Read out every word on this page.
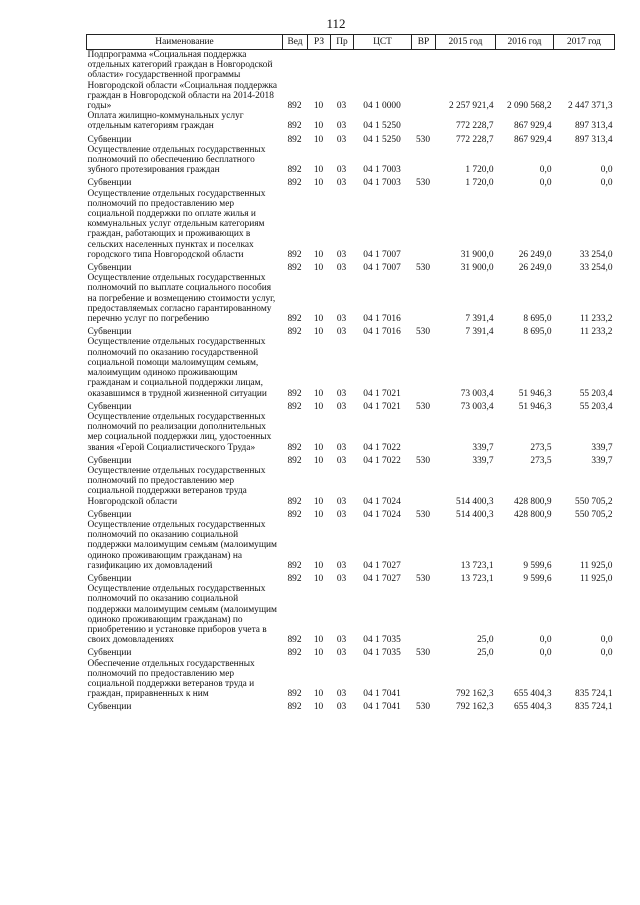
112
Наименование	Вед	РЗ	Пр	ЦСТ	ВР	2015 год	2016 год	2017 год
Подпрограмма «Социальная поддержка отдельных категорий граждан в Новгородской области» государственной программы Новгородской области «Социальная поддержка граждан в Новгородской области на 2014-2018 годы»	892	10	03	04 1 0000		2 257 921,4	2 090 568,2	2 447 371,3
Оплата жилищно-коммунальных услуг отдельным категориям граждан	892	10	03	04 1 5250		772 228,7	867 929,4	897 313,4
Субвенции	892	10	03	04 1 5250	530	772 228,7	867 929,4	897 313,4
Осуществление отдельных государственных полномочий по обеспечению бесплатного зубного протезирования граждан	892	10	03	04 1 7003		1 720,0	0,0	0,0
Субвенции	892	10	03	04 1 7003	530	1 720,0	0,0	0,0
Осуществление отдельных государственных полномочий по предоставлению мер социальной поддержки по оплате жилья и коммунальных услуг отдельным категориям граждан, работающих и проживающих в сельских населенных пунктах и поселках городского типа Новгородской области	892	10	03	04 1 7007		31 900,0	26 249,0	33 254,0
Субвенции	892	10	03	04 1 7007	530	31 900,0	26 249,0	33 254,0
Осуществление отдельных государственных полномочий по выплате социального пособия на погребение и возмещению стоимости услуг, предоставляемых согласно гарантированному перечню услуг по погребению	892	10	03	04 1 7016		7 391,4	8 695,0	11 233,2
Субвенции	892	10	03	04 1 7016	530	7 391,4	8 695,0	11 233,2
Осуществление отдельных государственных полномочий по оказанию государственной социальной помощи малоимущим семьям, малоимущим одиноко проживающим гражданам и социальной поддержки лицам, оказавшимся в трудной жизненной ситуации	892	10	03	04 1 7021		73 003,4	51 946,3	55 203,4
Субвенции	892	10	03	04 1 7021	530	73 003,4	51 946,3	55 203,4
Осуществление отдельных государственных полномочий по реализации дополнительных мер социальной поддержки лиц, удостоенных звания «Герой Социалистического Труда»	892	10	03	04 1 7022		339,7	273,5	339,7
Субвенции	892	10	03	04 1 7022	530	339,7	273,5	339,7
Осуществление отдельных государственных полномочий по предоставлению мер социальной поддержки ветеранов труда Новгородской области	892	10	03	04 1 7024		514 400,3	428 800,9	550 705,2
Субвенции	892	10	03	04 1 7024	530	514 400,3	428 800,9	550 705,2
Осуществление отдельных государственных полномочий по оказанию социальной поддержки малоимущим семьям (малоимущим одиноко проживающим гражданам) на газификацию их домовладений	892	10	03	04 1 7027		13 723,1	9 599,6	11 925,0
Субвенции	892	10	03	04 1 7027	530	13 723,1	9 599,6	11 925,0
Осуществление отдельных государственных полномочий по оказанию социальной поддержки малоимущим семьям (малоимущим одиноко проживающим гражданам) по приобретению и установке приборов учета в своих домовладениях	892	10	03	04 1 7035		25,0	0,0	0,0
Субвенции	892	10	03	04 1 7035	530	25,0	0,0	0,0
Обеспечение отдельных государственных полномочий по предоставлению мер социальной поддержки ветеранов труда и граждан, приравненных к ним	892	10	03	04 1 7041		792 162,3	655 404,3	835 724,1
Субвенции	892	10	03	04 1 7041	530	792 162,3	655 404,3	835 724,1
